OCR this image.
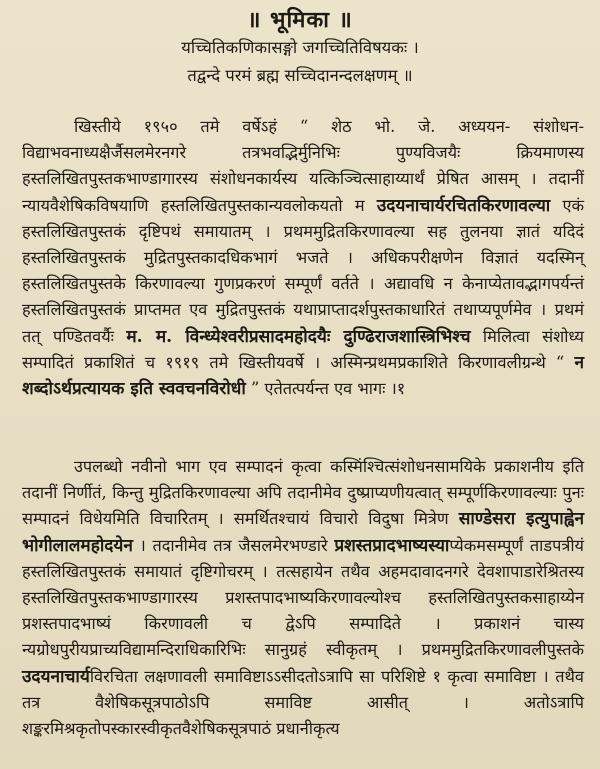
॥ भूमिका ॥
यच्चितिकणिकासङ्गो जगच्चितिविषयकः ।
तद्वन्दे परमं ब्रह्म सच्चिदानन्दलक्षणम् ॥

खिस्तीये १९५० तमे वर्षेऽहं “ शेठ भो. जे. अध्ययन- संशोधन- विद्याभवनाध्यक्षैर्जैसलमेरनगरे तत्रभवद्भिर्मुनिभिः पुण्यविजयैः क्रियमाणस्य हस्तलिखितपुस्तकभाण्डागारस्य संशोधनकार्यस्य यत्किञ्चित्साहाय्यार्थं प्रेषित आसम् । तदानीं न्यायवैशेषिकविषयाणि हस्तलिखितपुस्तकान्यवलोकयतो म उदयनाचार्यरचितकिरणावल्या एकं हस्तलिखितपुस्तकं दृष्टिपथं समायातम् । प्रथममुद्रितकिरणावल्या सह तुलनया ज्ञातं यदिदं हस्तलिखितपुस्तकं मुद्रितपुस्तकादधिकभागं भजते । अधिकपरीक्षणेन विज्ञातं यदस्मिन् हस्तलिखितपुस्तके किरणावल्या गुणप्रकरणं सम्पूर्णं वर्तते । अद्यावधि न केनाप्येतावद्भागपर्यन्तं हस्तलिखितपुस्तकं प्राप्तमत एव मुद्रितपुस्तकं यथाप्राप्तादर्शपुस्तकाधारितं तथाप्यपूर्णमेव । प्रथमं तत् पण्डितवर्यैः म. म. विन्ध्येश्वरीप्रसादमहोदयैः दुण्ढिराजशास्त्रिभिश्च मिलित्वा संशोध्य सम्पादितं प्रकाशितं च १९१९ तमे खिस्तीयवर्षे । अस्मिन्प्रथमप्रकाशिते किरणावलीग्रन्थे “ न शब्दोऽर्थप्रत्यायक इति स्ववचनविरोधी ” एतेतत्पर्यन्त एव भागः ।१

उपलब्धो नवीनो भाग एव सम्पादनं कृत्वा कस्मिंश्चित्संशोधनसामयिके प्रकाशनीय इति तदानीं निर्णीतं, किन्तु मुद्रितकिरणावल्या अपि तदानीमेव दुष्प्राप्यणीयत्वात् सम्पूर्णकिरणावल्याः पुनः सम्पादनं विधेयमिति विचारितम् । समर्थितश्चायं विचारो विदुषा मित्रेण साण्डेसरा इत्युपाह्वेन भोगीलालमहोदयेन । तदानीमेव तत्र जैसलमेरभण्डारे प्रशस्तप्रादभाष्यस्याप्येकमसम्पूर्णं ताडपत्रीयं हस्तलिखितपुस्तकं समायातं दृष्टिगोचरम् । तत्सहायेन तथैव अहमदावादनगरे देवशापाडारेश्रितस्य हस्तलिखितपुस्तकभाण्डागारस्य प्रशस्तपादभाष्यकिरणावल्योश्च हस्तलिखितपुस्तकसाहाय्येन प्रशस्तपादभाष्यं किरणावली च द्वेऽपि सम्पादिते । प्रकाशनं चास्य न्यग्रोधपुरीयप्राच्यविद्यामन्दिराधिकारिभिः सानुग्रहं स्वीकृतम् । प्रथममुद्रितकिरणावलीपुस्तके उदयनाचार्यविरचिता लक्षणावली समाविष्टाऽऽसीदतोऽत्रापि सा परिशिष्टे १ कृत्वा समाविष्टा । तथैव तत्र वैशेषिकसूत्रपाठोऽपि समाविष्ट आसीत् । अतोऽत्रापि शङ्करमिश्रकृतोपस्कारस्वीकृतवैशेषिकसूत्रपाठं प्रधानीकृत्य
